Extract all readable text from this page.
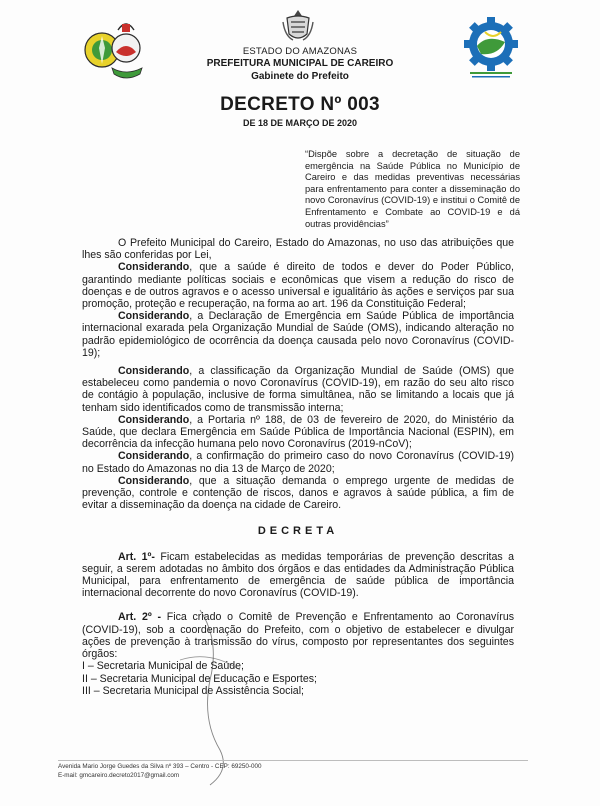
ESTADO DO AMAZONAS
PREFEITURA MUNICIPAL DE CAREIRO
Gabinete do Prefeito
DECRETO Nº 003
DE 18 DE MARÇO DE 2020
“Dispõe sobre a decretação de situação de emergência na Saúde Pública no Município de Careiro e das medidas preventivas necessárias para enfrentamento para conter a disseminação do novo Coronavírus (COVID-19) e institui o Comitê de Enfrentamento e Combate ao COVID-19 e dá outras providências”

O Prefeito Municipal do Careiro, Estado do Amazonas, no uso das atribuições que lhes são conferidas por Lei,

Considerando, que a saúde é direito de todos e dever do Poder Público, garantindo mediante políticas sociais e econômicas que visem a redução do risco de doenças e de outros agravos e o acesso universal e igualitário às ações e serviços par sua promoção, proteção e recuperação, na forma ao art. 196 da Constituição Federal;

Considerando, a Declaração de Emergência em Saúde Pública de importância internacional exarada pela Organização Mundial de Saúde (OMS), indicando alteração no padrão epidemiológico de ocorrência da doença causada pelo novo Coronavírus (COVID-19);

Considerando, a classificação da Organização Mundial de Saúde (OMS) que estabeleceu como pandemia o novo Coronavírus (COVID-19), em razão do seu alto risco de contágio à população, inclusive de forma simultânea, não se limitando a locais que já tenham sido identificados como de transmissão interna;

Considerando, a Portaria nº 188, de 03 de fevereiro de 2020, do Ministério da Saúde, que declara Emergência em Saúde Pública de Importância Nacional (ESPIN), em decorrência da infecção humana pelo novo Coronavírus (2019-nCoV);

Considerando, a confirmação do primeiro caso do novo Coronavírus (COVID-19) no Estado do Amazonas no dia 13 de Março de 2020;

Considerando, que a situação demanda o emprego urgente de medidas de prevenção, controle e contenção de riscos, danos e agravos à saúde pública, a fim de evitar a disseminação da doença na cidade de Careiro.

DECRETA

Art. 1º- Ficam estabelecidas as medidas temporárias de prevenção descritas a seguir, a serem adotadas no âmbito dos órgãos e das entidades da Administração Pública Municipal, para enfrentamento de emergência de saúde pública de importância internacional decorrente do novo Coronavírus (COVID-19).

Art. 2º - Fica criado o Comitê de Prevenção e Enfrentamento ao Coronavírus (COVID-19), sob a coordenação do Prefeito, com o objetivo de estabelecer e divulgar ações de prevenção à transmissão do vírus, composto por representantes dos seguintes órgãos:

I – Secretaria Municipal de Saúde;

II – Secretaria Municipal de Educação e Esportes;

III – Secretaria Municipal de Assistência Social;

Avenida Mario Jorge Guedes da Silva nº 393 – Centro - CEP: 69250-000
E-mail: gmcareiro.decreto2017@gmail.com
